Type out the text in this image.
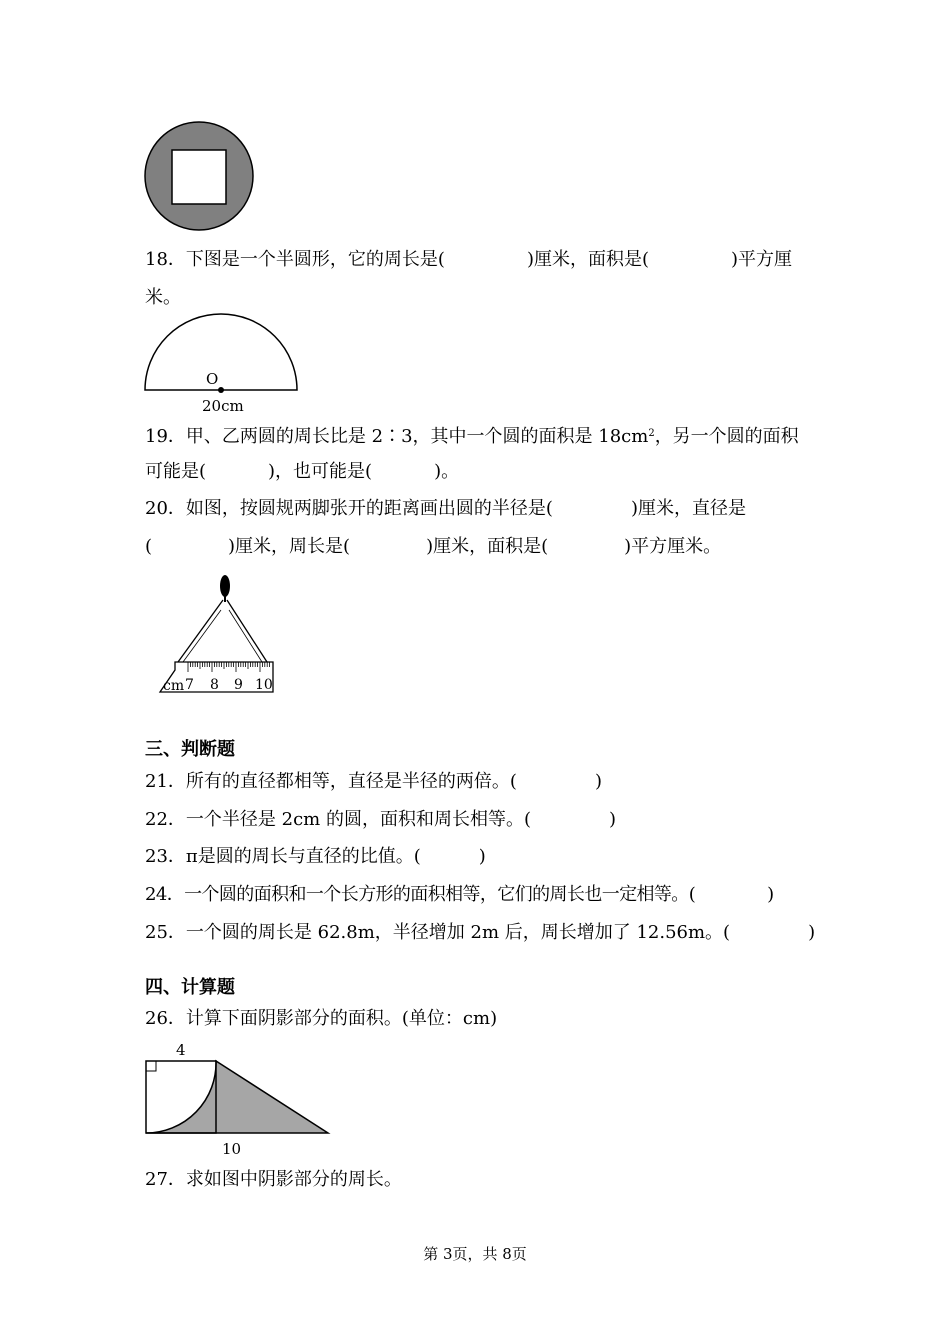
18．下图是一个半圆形，它的周长是(	)厘米，面积是(	)平方厘
米。
O
20cm
19．甲、乙两圆的周长比是 2∶3，其中一个圆的面积是 $18cm^2$，另一个圆的面积
可能是(	)，也可能是(	)。
20．如图，按圆规两脚张开的距离画出圆的半径是(	)厘米，直径是
(	)厘米，周长是(	)厘米，面积是(	)平方厘米。
cm 7 8 9 10
三、判断题
21．所有的直径都相等，直径是半径的两倍。(	)
22．一个半径是 2cm 的圆，面积和周长相等。(	)
23．π是圆的周长与直径的比值。(	)
24．一个圆的面积和一个长方形的面积相等，它们的周长也一定相等。(	)
25．一个圆的周长是 62.8m，半径增加 2m 后，周长增加了 12.56m。(	)
四、计算题
26．计算下面阴影部分的面积。(单位：cm)
4
10
27．求如图中阴影部分的周长。
第 3页，共 8页
